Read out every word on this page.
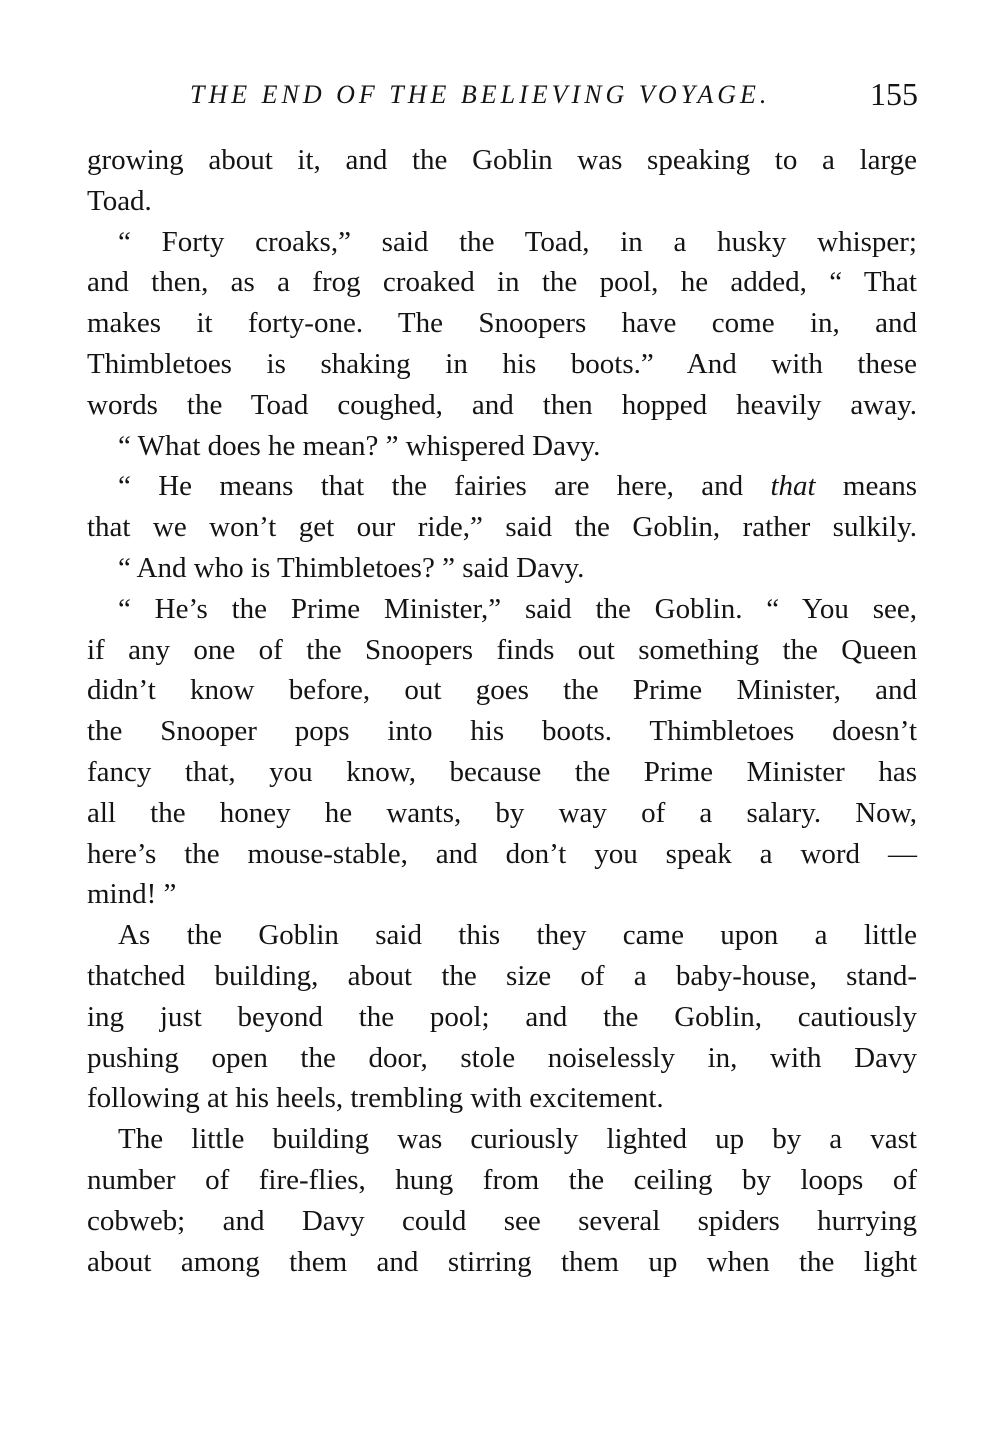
THE END OF THE BELIEVING VOYAGE.	155
growing about it, and the Goblin was speaking to a large
Toad.
“ Forty croaks,” said the Toad, in a husky whisper;
and then, as a frog croaked in the pool, he added, “ That
makes it forty-one. The Snoopers have come in, and
Thimbletoes is shaking in his boots.” And with these
words the Toad coughed, and then hopped heavily away.
“ What does he mean? ” whispered Davy.
“ He means that the fairies are here, and that means
that we won’t get our ride,” said the Goblin, rather sulkily.
“ And who is Thimbletoes? ” said Davy.
“ He’s the Prime Minister,” said the Goblin. “ You see,
if any one of the Snoopers finds out something the Queen
didn’t know before, out goes the Prime Minister, and
the Snooper pops into his boots. Thimbletoes doesn’t
fancy that, you know, because the Prime Minister has
all the honey he wants, by way of a salary. Now,
here’s the mouse-stable, and don’t you speak a word —
mind! ”
As the Goblin said this they came upon a little
thatched building, about the size of a baby-house, stand-
ing just beyond the pool; and the Goblin, cautiously
pushing open the door, stole noiselessly in, with Davy
following at his heels, trembling with excitement.
The little building was curiously lighted up by a vast
number of fire-flies, hung from the ceiling by loops of
cobweb; and Davy could see several spiders hurrying
about among them and stirring them up when the light
